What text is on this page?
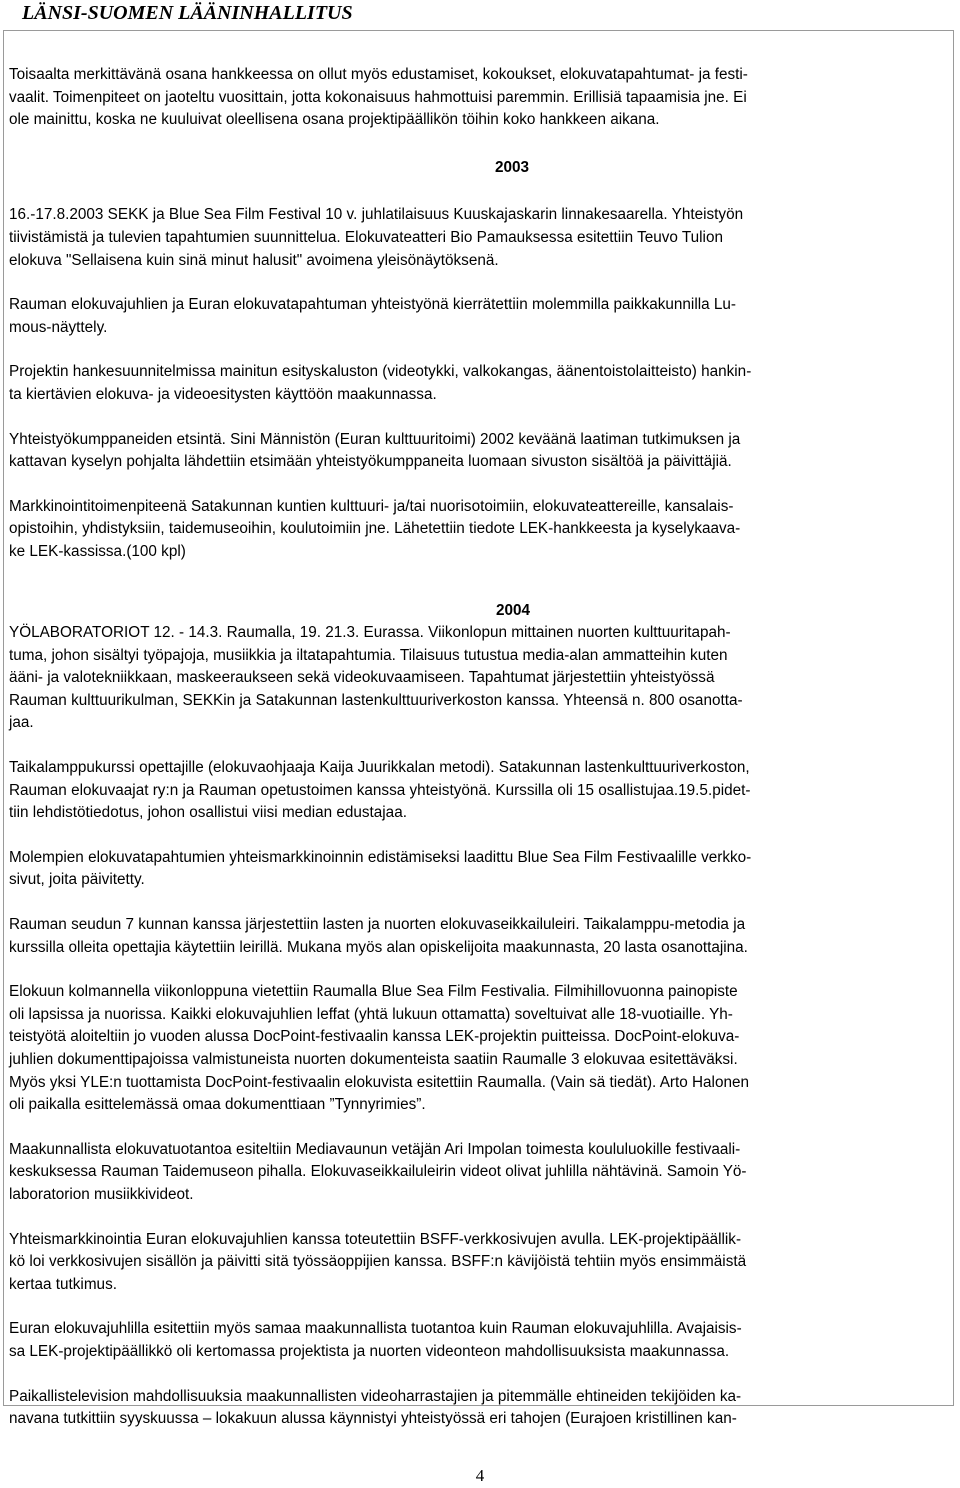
LÄNSI-SUOMEN LÄÄNINHALLITUS

Toisaalta merkittävänä osana hankkeessa on ollut myös edustamiset, kokoukset, elokuvatapahtumat- ja festi-

vaalit. Toimenpiteet on jaoteltu vuosittain, jotta kokonaisuus hahmottuisi paremmin. Erillisiä tapaamisia jne. Ei

ole mainittu, koska ne kuuluivat oleellisena osana projektipäällikön töihin koko hankkeen aikana.

2003

16.-17.8.2003 SEKK ja Blue Sea Film Festival 10 v. juhlatilaisuus Kuuskajaskarin linnakesaarella. Yhteistyön

tiivistämistä ja tulevien tapahtumien suunnittelua. Elokuvateatteri Bio Pamauksessa esitettiin Teuvo Tulion

elokuva "Sellaisena kuin sinä minut halusit" avoimena yleisönäytöksenä.

Rauman elokuvajuhlien ja Euran elokuvatapahtuman yhteistyönä kierrätettiin molemmilla paikkakunnilla Lu-

mous-näyttely.

Projektin hankesuunnitelmissa mainitun esityskaluston (videotykki, valkokangas, äänentoistolaitteisto) hankin-

ta kiertävien elokuva- ja videoesitysten käyttöön maakunnassa.

Yhteistyökumppaneiden etsintä. Sini Männistön (Euran kulttuuritoimi) 2002 keväänä laatiman tutkimuksen ja

kattavan kyselyn pohjalta lähdettiin etsimään yhteistyökumppaneita luomaan sivuston sisältöä ja päivittäjiä.

Markkinointitoimenpiteenä Satakunnan kuntien kulttuuri- ja/tai nuorisotoimiin, elokuvateattereille, kansalais-

opistoihin, yhdistyksiin, taidemuseoihin, koulutoimiin jne. Lähetettiin tiedote LEK-hankkeesta ja kyselykaava-

ke LEK-kassissa.(100 kpl)

2004

YÖLABORATORIOT 12. - 14.3. Raumalla, 19. 21.3. Eurassa. Viikonlopun mittainen nuorten kulttuuritapah-

tuma, johon sisältyi työpajoja, musiikkia ja iltatapahtumia. Tilaisuus tutustua media-alan ammatteihin kuten

ääni- ja valotekniikkaan, maskeeraukseen sekä videokuvaamiseen. Tapahtumat järjestettiin yhteistyössä

Rauman kulttuurikulman, SEKKin ja Satakunnan lastenkulttuuriverkoston kanssa. Yhteensä n. 800 osanotta-

jaa.

Taikalamppukurssi opettajille (elokuvaohjaaja Kaija Juurikkalan metodi). Satakunnan lastenkulttuuriverkoston,

Rauman elokuvaajat ry:n ja Rauman opetustoimen kanssa yhteistyönä. Kurssilla oli 15 osallistujaa.19.5.pidet-

tiin lehdistötiedotus, johon osallistui viisi median edustajaa.

Molempien elokuvatapahtumien yhteismarkkinoinnin edistämiseksi laadittu Blue Sea Film Festivaalille verkko-

sivut, joita päivitetty.

Rauman seudun 7 kunnan kanssa järjestettiin lasten ja nuorten elokuvaseikkailuleiri. Taikalamppu-metodia ja

kurssilla olleita opettajia käytettiin leirillä. Mukana myös alan opiskelijoita maakunnasta, 20 lasta osanottajina.

Elokuun kolmannella viikonloppuna vietettiin Raumalla Blue Sea Film Festivalia. Filmihillovuonna painopiste

oli lapsissa ja nuorissa. Kaikki elokuvajuhlien leffat (yhtä lukuun ottamatta) soveltuivat alle 18-vuotiaille. Yh-

teistyötä aloiteltiin jo vuoden alussa DocPoint-festivaalin kanssa LEK-projektin puitteissa. DocPoint-elokuva-

juhlien dokumenttipajoissa valmistuneista nuorten dokumenteista saatiin Raumalle 3 elokuvaa esitettäväksi.

Myös yksi YLE:n tuottamista DocPoint-festivaalin elokuvista esitettiin Raumalla. (Vain sä tiedät). Arto Halonen

oli paikalla esittelemässä omaa dokumenttiaan ”Tynnyrimies”.

Maakunnallista elokuvatuotantoa esiteltiin Mediavaunun vetäjän Ari Impolan toimesta koululuokille festivaali-

keskuksessa Rauman Taidemuseon pihalla. Elokuvaseikkailuleirin videot olivat juhlilla nähtävinä. Samoin Yö-

laboratorion musiikkivideot.

Yhteismarkkinointia Euran elokuvajuhlien kanssa toteutettiin BSFF-verkkosivujen avulla. LEK-projektipäällik-

kö loi verkkosivujen sisällön ja päivitti sitä työssäoppijien kanssa. BSFF:n kävijöistä tehtiin myös ensimmäistä

kertaa tutkimus.

Euran elokuvajuhlilla esitettiin myös samaa maakunnallista tuotantoa kuin Rauman elokuvajuhlilla. Avajaisis-

sa LEK-projektipäällikkö oli kertomassa projektista ja nuorten videonteon mahdollisuuksista maakunnassa.

Paikallistelevision mahdollisuuksia maakunnallisten videoharrastajien ja pitemmälle ehtineiden tekijöiden ka-

navana tutkittiin syyskuussa – lokakuun alussa käynnistyi yhteistyössä eri tahojen (Eurajoen kristillinen kan-

4
